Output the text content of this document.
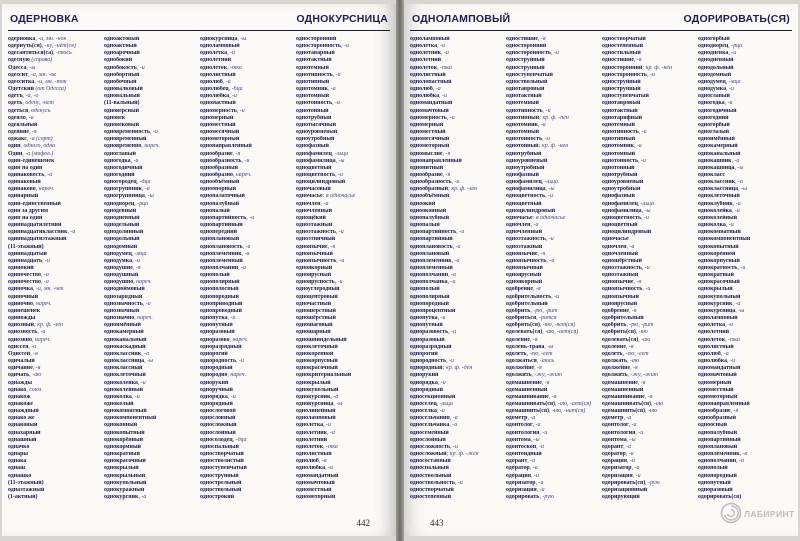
ОДЕРНОВКА	ОДНОКУРСНИЦА
одерновка, -и, мн. -нок
одерну́ть(ся), -ну́, -нёт(ся)
одеса́нтиться(са), -тюсь
одесну́ю (справа)
Оде́сса, -ы
одесси́т, -а, мн. -ов
одесси́тка, -и, мн. -ток
Оде́тский (от Одесса)
одетъ, -а, -о
оде́ть, оде́ну, -нет
оде́ться, оде́нусь
одея́ло, -а
одея́льный
одея́ние, -я
оджа́кс, -а (сорт)
оди́н, одного́, одна́
Оди́н, -а (мифол.)
один-едине́шенек
оди́н на оди́н
одина́ковость, -и
одина́ковый
одина́ково, нареч.
одина́рный
оди́н-единственный
оди́н за други́м
оди́н на оди́н
оди́ннадцатилетний
оди́ннадцатиклассник, -а
оди́ннадцатиэтажный
(11-этажный)
оди́ннадцатый
оди́ннадцать, -и
одино́кий
одино́чество, -а
одино́чество, -а
одино́чка, -и, мн. -чек
одино́чный
одино́чно, нареч.
оди́нешенек
оди́ножды
одио́зный; кр. ф. -зен
одио́зность, -и
одио́звно, нареч.
одиссе́я, -и
Одиссе́й, -я
одича́лый
одича́ние, -я
одича́ть, -а́ю
одна́жды
одна́ко, союз
однако́ж
однако́же
одна́ждный
одна́ко же
однаковый
однаха́рный
одна́шный
одна́чко
одна́ры
одна́ка
однаш
одна́шко
(11-этажный)
однаэтажный
(1-актный)
одноактовый
одноа́ктный
одноа́рочный
однобо́кий
однобо́кость, -и
однобо́ртный
однобо́чный
одновалко́вый
однова́льный
(11-вальный)
однове́рсный
однове́к
одно́вековый
одновре́менность, -и
одновре́менный
одновре́менно, нареч.
одногла́вый
одного́дка, -и
одного́дичный
одного́дний
одногоро́дец, -дца
одногру́ппник, -а
одногру́ппница, -ы
однодво́рец, -рца
одноде́вный
однодне́вный
одноде́льный
однодоли́нный
однодо́льный
однодо́мный
одноду́мец, -мца
одноду́мка, -и
одноду́шие, -я
одноду́шный
одноду́шно, нареч.
однодю́ймовый
однозаря́дный
однозна́чность, -и
однозна́чный
однозна́чно, нареч.
одноимённый
однока́мерный
однокана́льный
однокаска́дный
однокла́ссник, -а
однокла́ссница, -ы
однокла́ссный
одноклеточный
одноко́лейка, -и
одноколе́йный
одноко́лка, -и
одноко́лый
одноко́мнатный
однокомпоне́нтный
одноко́нный
одноко́пытный
однокорённый
одноко́рмный
однокра́тный
однокра́сочный
однокры́лый
однокры́льный
однокупо́льный
однокура́жный
одноку́рсник, -а
одноку́рсница, -ы
однола́мповый
одноле́тка, -и
одноле́тний
одноле́ток, -тка
одноли́стный
однолю́б, -а
однолю́бец, -бца
однолю́бка, -и
однома́стный
одномерно́сть, -и
одноме́рный
одноместный
одноме́сячный
одномото́рный
однонаправленный
однообра́зие, -я
однообра́зность, -и
однообра́зный
однообра́зно, нареч.
однообъёмный
одноопо́рный
однопала́точный
однопа́лубный
однопа́лый
однопа́ртийность, -и
однопа́ртийный
однопере́дний
однопла́новый
однопла́новость, -и
одноплеме́нник, -а
одноплеме́нный
однопо́лчанин, -а
однопо́лый
однополя́рный
однопо́лосный
однопоро́дный
однопри́водный
однопро́водный
однопу́тка, -и
однопу́тный
однора́зовый
однора́зово, нареч.
одноразря́дный
однорогий
одноро́дность, -и
одноро́дный
одноро́дно, нареч.
однору́кий
однору́чный
одноря́дка, -и
одноря́дный
однослогово́й
односло́вный
односло́жный
односло́йный
односолоде́ц, -дца
односпа́льный
одностворча́тый
одностволи́стый
односту́пенчатый
одностру́нный
одностре́льный
одноствольный
однострокий
односторо́нний
односторо́нность, -и
однотава́рный
однота́ктный
одноте́мный
однотипность, -и
однотипный
однотомник, -а
однотомный
однотонность, -и
однотонный
однотру́бный
однотысячный
одноуро́вневый
одноу́тробный
однофа́зный
однофами́лец, -льца
однофами́лица, -ы
одноцве́тный
одноцве́тность, -и
одноцили́ндровый
одночасо́вый
одночасье: в одночасье
одночле́н, -а
одночле́нный
однощёкий
одноэта́жный
одноэта́жность, -и
одноэтни́чный
одноязы́чие, -я
одноязы́чный
одноязы́чность, -и
одноякорный
одноярусный
одноя́русность, -и
одноуглеро́дный
одноцентро́вый
одноча́стный
одноше́рстный
одношёрстный
одношаго́вый
одноша́рный
одношпи́ндельный
одноклеточный
однокоренной
однокорпусный
однокрасочный
однокритериальный
однокрылый
однокупольный
однокурсник, -а
однокурсница, -ы
однолинейный
одноламповый
однолетка, -и
однолетник, -а
однолетний
однолеток, -тка
однолистный
однолюб, -а
однолюбка, -и
одномандатный
одномачтовый
одноместный
одномоторный
442
ОДНОЛАМПОВЫЙ	ОДОРИРОВАТЬ(СЯ)
одноламповый
однолетка, -и
однолетник, -а
однолетний
однолеток, -тка
однолистный
однолопастный
однолюб, -а
однолюбка, -и
одномандатный
одномачтовый
одномерность, -и
одномерный
одноместный
одномесячный
одномоторный
одномыслие, -я
однонаправленный
однонитный
однообразие, -я
однообразность, -и
однообразный; кр. ф. -зен
однообъёмный
одноокий
однооконный
однопалубный
однопалый
однопартийность, -и
однопартийный
одноплановость, -и
одноплановый
одноплеменник, -а
одноплеменный
однополчанин, -а
однополчанка, -и
однополый
однополярный
однопородный
однопроцентный
однопутка, -и
однопутный
одноразовость, -и
одноразовый
одноразрядный
однорогий
однородность, -и
однородный; кр. ф. -ден
однорукий
однорядка, -и
однорядный
односекционный
односелец, -льца
односелка, -и
односельчанин, -а
односельчанка, -и
односемейный
однослойный
односложность, -и
односложный; кр. ф. -жен
односоставный
односпальный
одноствольный
одноствольность, -и
одностворчатый
одностепенный
одностишие, -я
односторонний
односторонность, -и
одноструйный
однострунный
одноступенчатый
одноствольный
однотавровый
однотактный
однотемный
однотипность, -и
однотипный; кр. ф. -пен
однотомник, -а
однотомный
однотонность, -и
однотонный; кр. ф. -нен
однотрубный
одноуровневый
одноутробный
однофазный
однофамилец, -льца
однофамилица, -ы
одноцветность, -и
одноцветный
одноцилиндровый
одночасье: в одночасье
одночлен, -а
одночленный
одноэтажность, -и
одноэтажный
одноязычие, -я
одноязычность, -и
одноязычный
одноярусный
одноякорный
одобрение, -я
одобрительность, -и
одобрительный
одобрить, -рю, -рит
одобриться, -рится
одобрять(ся), -яю, -яет(ся)
одолевать(ся), -аю, -ает(ся)
одоление, -я
одолень-трава, -ы
одолеть, -ею, -еет
одолжаться, -аюсь
одолжение, -я
одолжить, -жу, -жит
одомашнение, -я
одомашненный
одомашнивание, -я
одомашнивать(ся), -аю, -ает(ся)
одомашнить(ся), -ню, -нит(ся)
одометр, -а
одонтолог, -а
одонтология, -и
одонтома, -ы
одонтоскоп, -а
одонтоидный
одорант, -а
одоратор, -а
одорация, -и
одоризатор, -а
одоризация, -и
одорировать, -рую
одностворчатый
одностепенный
одностильный
одностишие, -я
односторонний; кр. ф. -нен
односторонность, -и
одноструйный
однострунный
одноступенчатый
однотавровый
однотактный
однотарифный
однотемный
однотипность, -и
однотипный
однотомник, -а
однотомный
однотонность, -и
однотонный
однотрубный
одноуровневый
одноутробный
однофазный
однофамилец, -льца
однофамилица, -ы
одноцветность, -и
одноцветный
одноцилиндровый
одночасье
одночлен, -а
одночленный
одношёрстный
одноэтажность, -и
одноэтажный
одноязычие, -я
одноязычность, -и
одноязычный
одноярусный
одобрение, -я
одобрительный
одобрить, -рю, -рит
одобрять(ся), -яю
одолевать(ся), -аю
одоление, -я
одолеть, -ею, -еет
одолжать, -аю
одолжение, -я
одолжить, -жу, -жит
одомашнение, -я
одомашненный
одомашнивание, -я
одомашнивать(ся), -аю
одомашнить(ся), -ню
одометр, -а
одонтолог, -а
одонтология, -и
одонтома, -ы
одорант, -а
одоратор, -а
одорация, -и
одоризатор, -а
одоризация, -и
одорировать(ся), -рую
одоризационный
одорирующий
одногорбый
однодворец, -рца
однодневка, -и
однодневный
однодольный
однодомный
однодумец, -мца
однодумка, -и
одноглавый
одногодка, -и
одногодичный
одногодний
одногорбый
одноглазый
одноимённый
однокамерный
одноканальный
однокашник, -а
однокашница, -ы
однокласс
одноклассник, -а
одноклассница, -ы
одноклеточный
одноклубник, -а
одноколейка, -и
одноколейный
одноколка, -и
однокомнатный
однокомпонентный
однокопытный
однокоренной
однокорпусный
однократность, -и
однократный
однокрасочный
однокрылый
однокупольный
однокурсник, -а
однокурсница, -ы
одноламповый
однолетка, -и
однолетний
однолеток, -тка
однолистный
однолюб, -а
однолюбка, -и
одномандатный
одномачтовый
одномерный
одноместный
одномоторный
однонаправленный
однообразие, -я
однообразный
одноосный
однопалубный
однопартийный
одноплановый
одноплеменник, -а
однополчанин, -а
однополый
однопородный
однопутный
одноразовый
одорировать(ся)
443
ЛАБИРИНТ
